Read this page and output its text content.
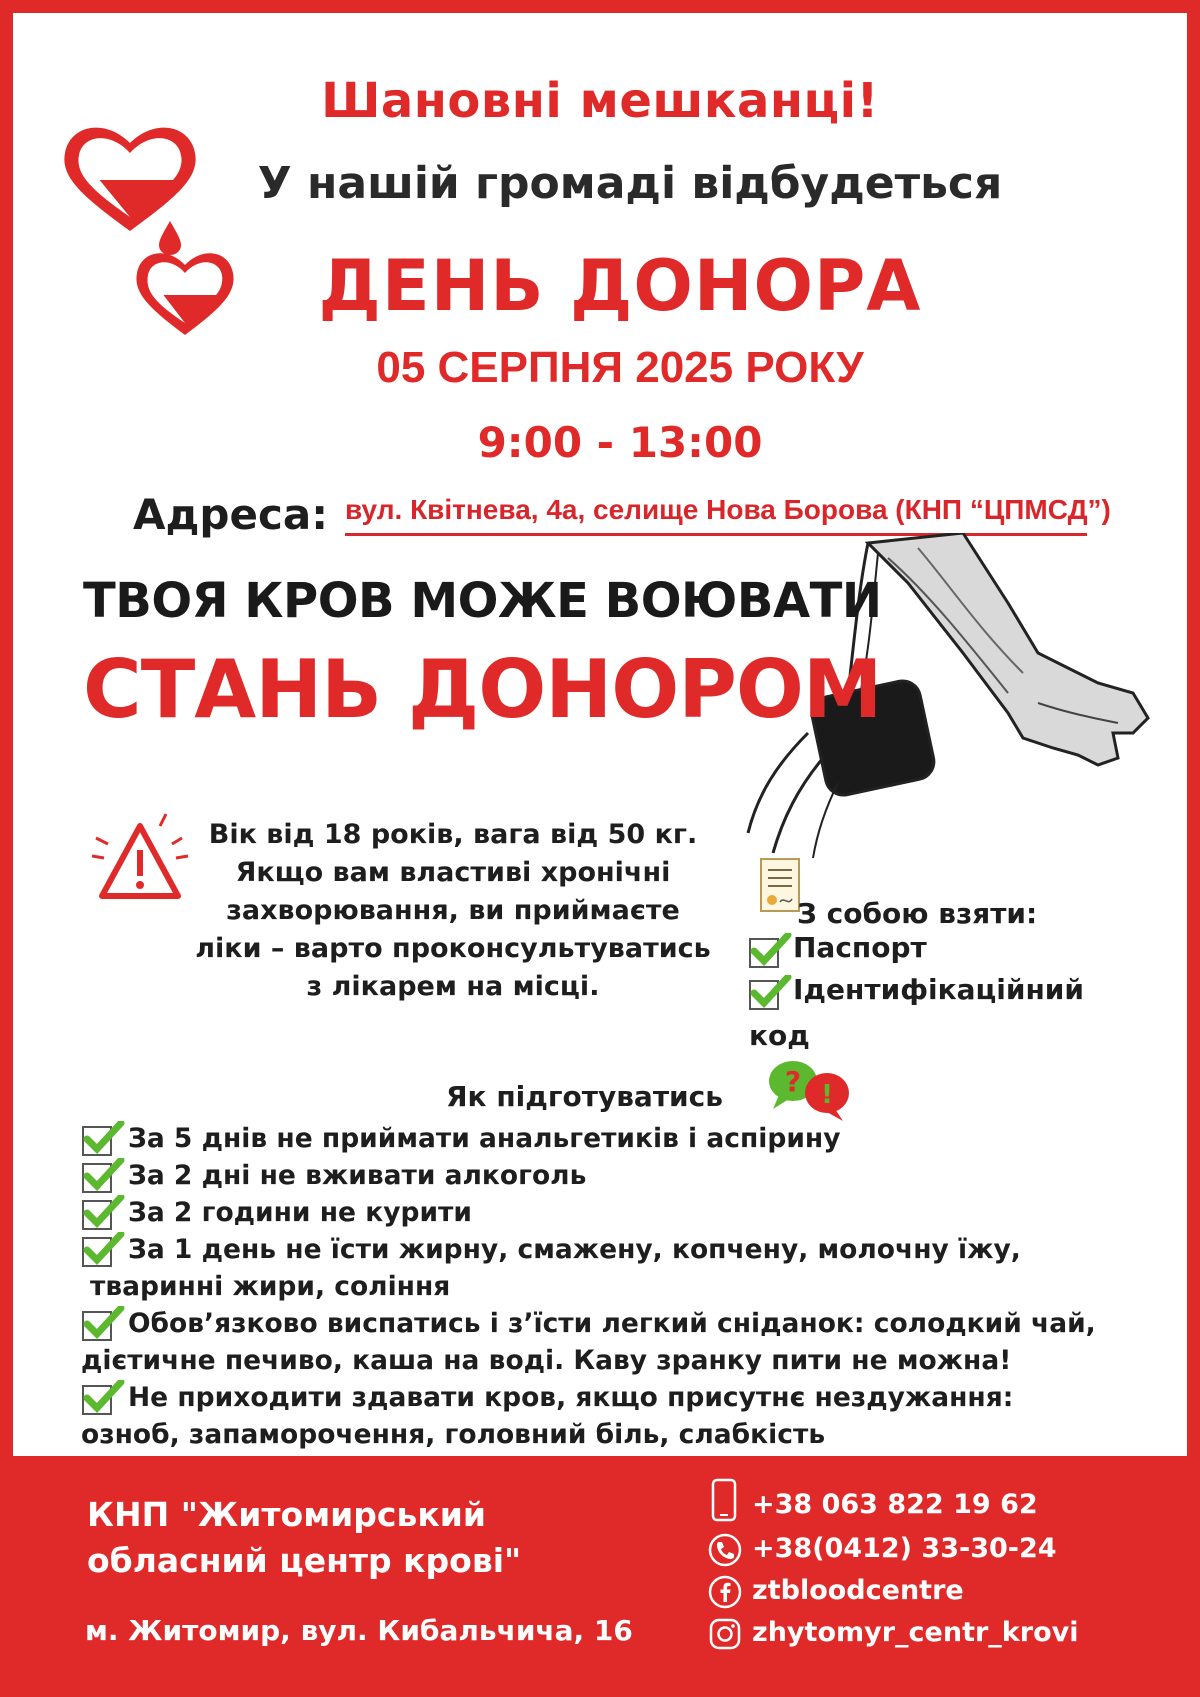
Шановні мешканці!
У нашій громаді відбудеться
ДЕНЬ ДОНОРА
05 СЕРПНЯ 2025 РОКУ
9:00 - 13:00
Адреса: вул. Квітнева, 4а, селище Нова Борова (КНП “ЦПМСД”)
ТВОЯ КРОВ МОЖЕ ВОЮВАТИ
СТАНЬ ДОНОРОМ
Вік від 18 років, вага від 50 кг.
Якщо вам властиві хронічні
захворювання, ви приймаєте
ліки – варто проконсультуватись
з лікарем на місці.
З собою взяти:
Паспорт
Ідентифікаційний
код
Як підготуватись ? !
За 5 днів не приймати анальгетиків і аспірину
За 2 дні не вживати алкоголь
За 2 години не курити
За 1 день не їсти жирну, смажену, копчену, молочну їжу,
тваринні жири, соління
Обов’язково виспатись і з’їсти легкий сніданок: солодкий чай,
дієтичне печиво, каша на воді. Каву зранку пити не можна!
Не приходити здавати кров, якщо присутнє нездужання:
озноб, запаморочення, головний біль, слабкість
КНП "Житомирський
обласний центр крові"
м. Житомир, вул. Кибальчича, 16
+38 063 822 19 62
+38(0412) 33-30-24
ztbloodcentre
zhytomyr_centr_krovi
